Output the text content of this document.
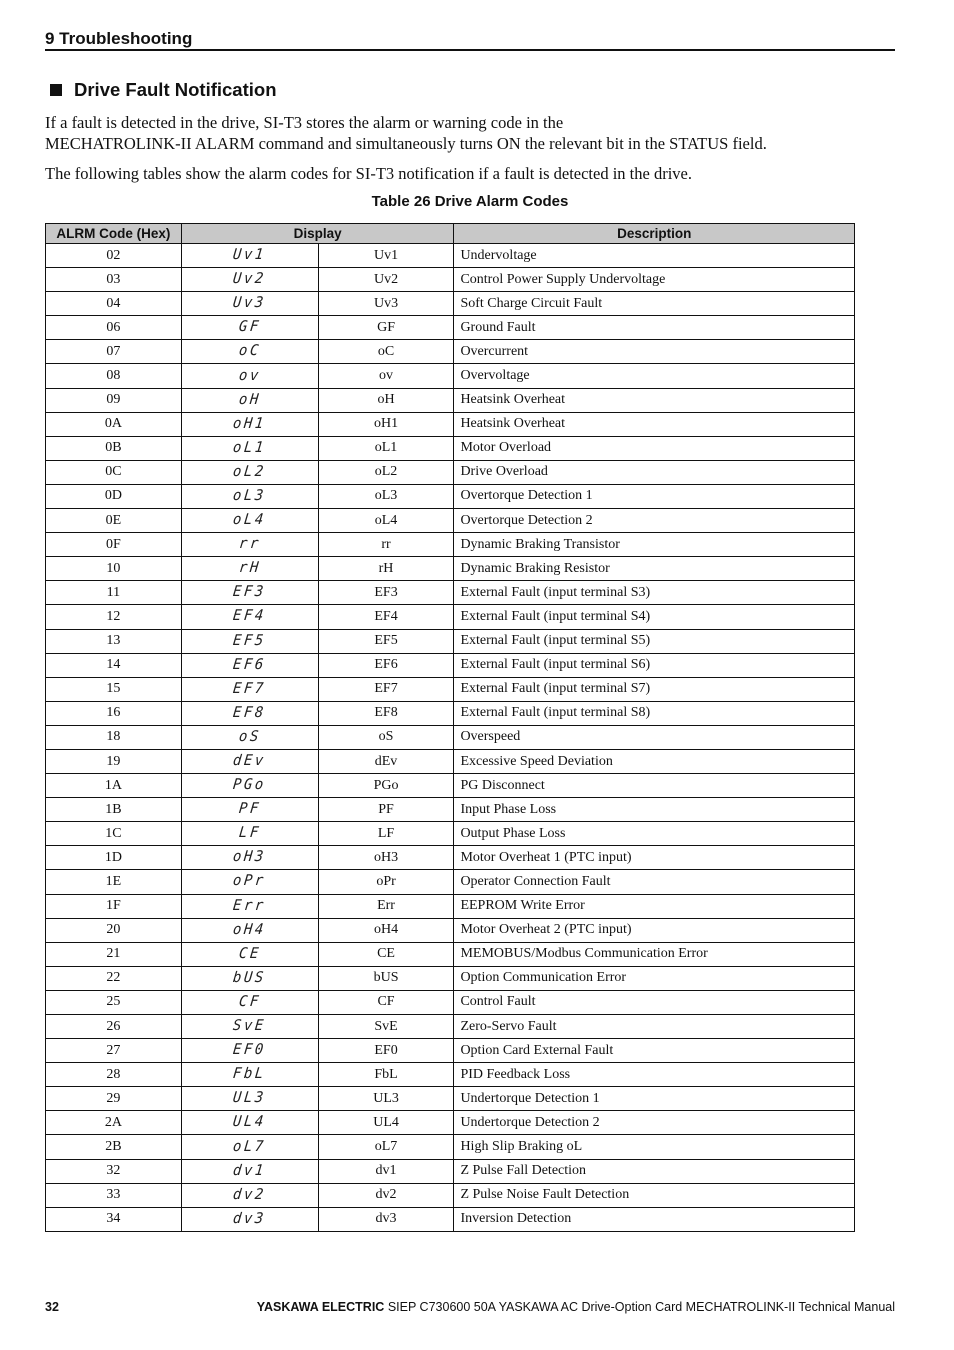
9 Troubleshooting
Drive Fault Notification
If a fault is detected in the drive, SI-T3 stores the alarm or warning code in the
MECHATROLINK-II ALARM command and simultaneously turns ON the relevant bit in the STATUS field.
The following tables show the alarm codes for SI-T3 notification if a fault is detected in the drive.
Table 26 Drive Alarm Codes
ALRM Code (Hex)	Display		Description
02	Uv1	Uv1	Undervoltage
03	Uv2	Uv2	Control Power Supply Undervoltage
04	Uv3	Uv3	Soft Charge Circuit Fault
06	GF	GF	Ground Fault
07	oC	oC	Overcurrent
08	ov	ov	Overvoltage
09	oH	oH	Heatsink Overheat
0A	oH1	oH1	Heatsink Overheat
0B	oL1	oL1	Motor Overload
0C	oL2	oL2	Drive Overload
0D	oL3	oL3	Overtorque Detection 1
0E	oL4	oL4	Overtorque Detection 2
0F	rr	rr	Dynamic Braking Transistor
10	rH	rH	Dynamic Braking Resistor
11	EF3	EF3	External Fault (input terminal S3)
12	EF4	EF4	External Fault (input terminal S4)
13	EF5	EF5	External Fault (input terminal S5)
14	EF6	EF6	External Fault (input terminal S6)
15	EF7	EF7	External Fault (input terminal S7)
16	EF8	EF8	External Fault (input terminal S8)
18	oS	oS	Overspeed
19	dEv	dEv	Excessive Speed Deviation
1A	PGo	PGo	PG Disconnect
1B	PF	PF	Input Phase Loss
1C	LF	LF	Output Phase Loss
1D	oH3	oH3	Motor Overheat 1 (PTC input)
1E	oPr	oPr	Operator Connection Fault
1F	Err	Err	EEPROM Write Error
20	oH4	oH4	Motor Overheat 2 (PTC input)
21	CE	CE	MEMOBUS/Modbus Communication Error
22	bUS	bUS	Option Communication Error
25	CF	CF	Control Fault
26	SvE	SvE	Zero-Servo Fault
27	EF0	EF0	Option Card External Fault
28	FbL	FbL	PID Feedback Loss
29	UL3	UL3	Undertorque Detection 1
2A	UL4	UL4	Undertorque Detection 2
2B	oL7	oL7	High Slip Braking oL
32	dv1	dv1	Z Pulse Fall Detection
33	dv2	dv2	Z Pulse Noise Fault Detection
34	dv3	dv3	Inversion Detection
32	YASKAWA ELECTRIC SIEP C730600 50A YASKAWA AC Drive-Option Card MECHATROLINK-II Technical Manual
